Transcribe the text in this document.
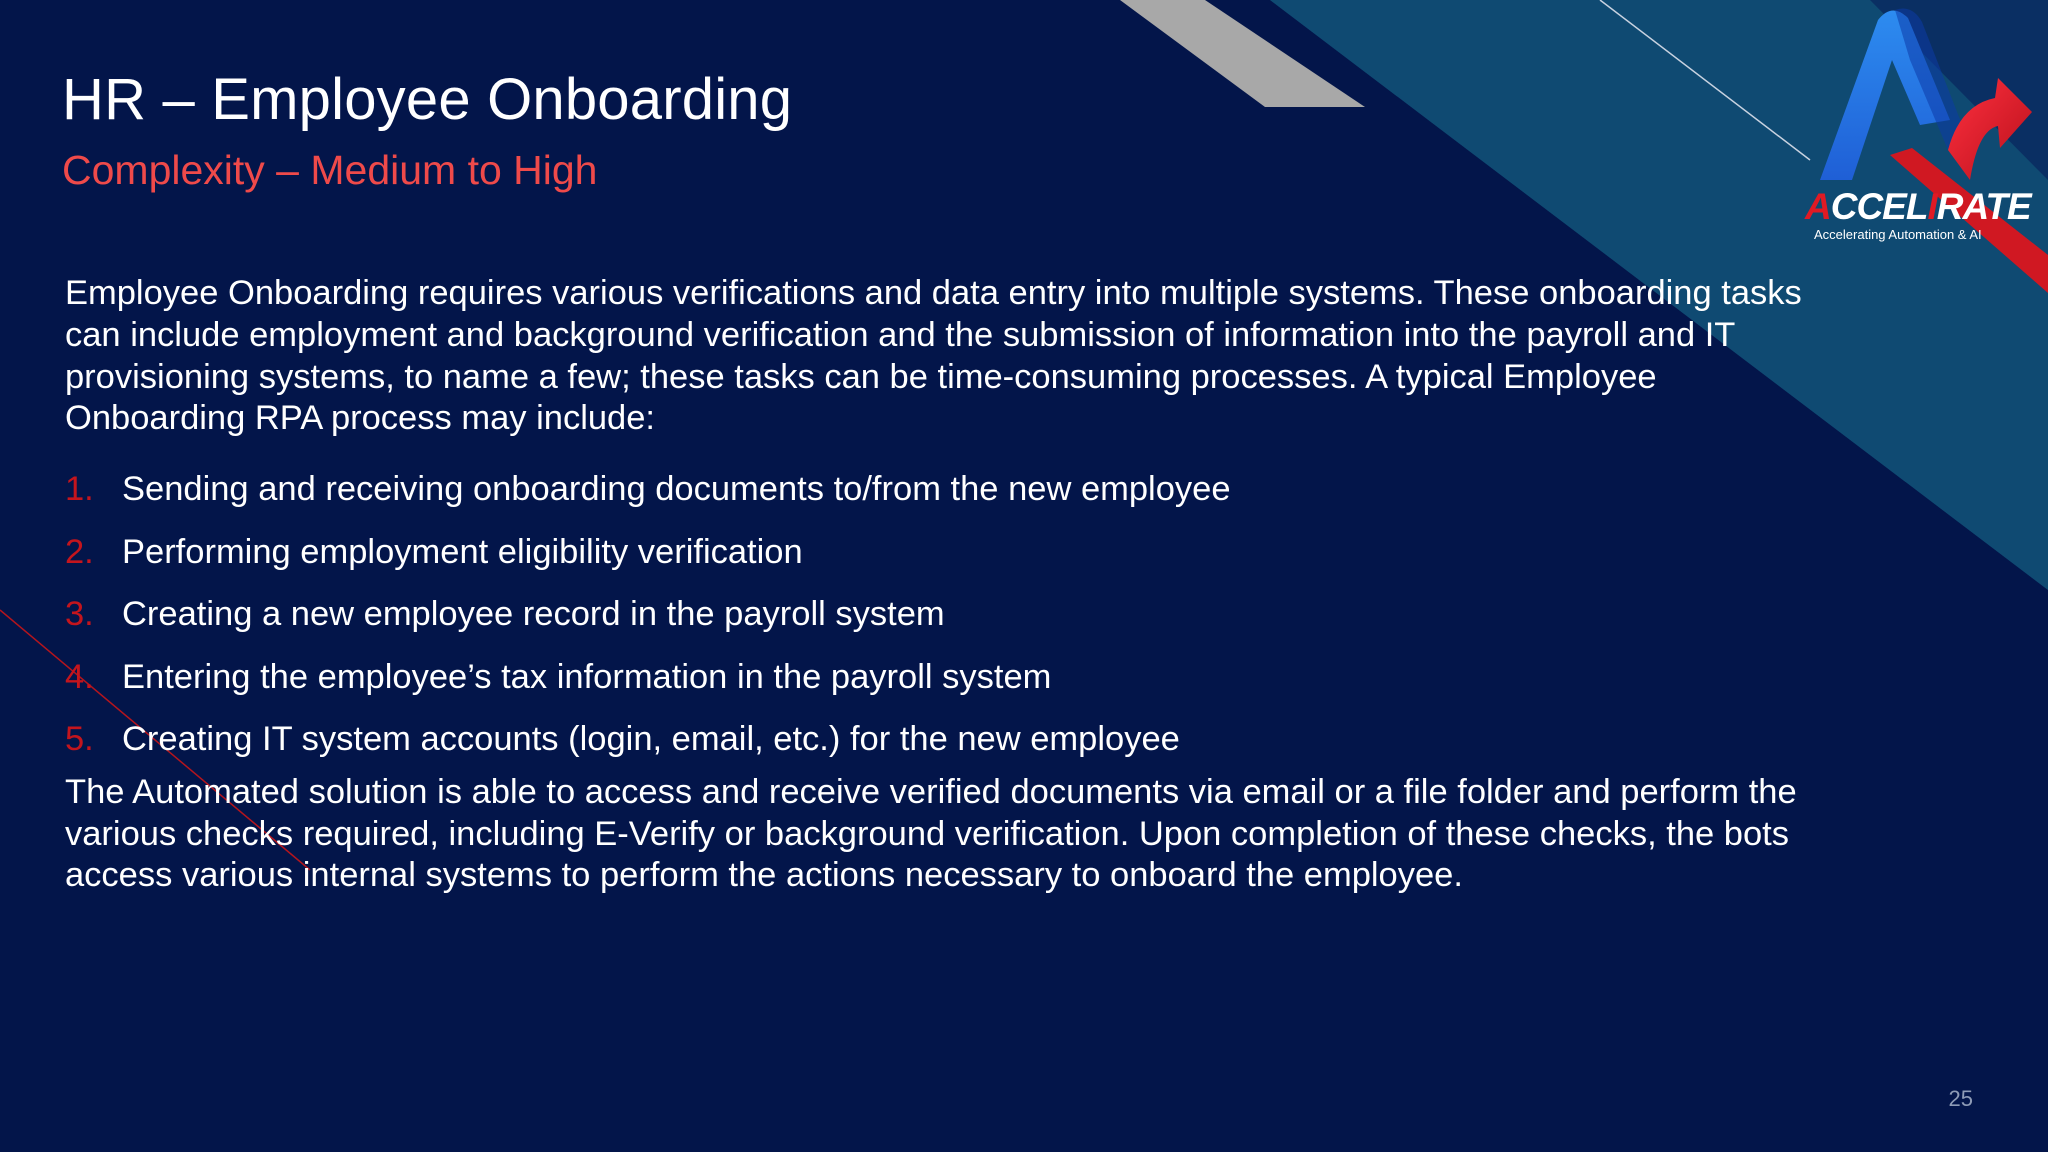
ACCELIRATE
Accelerating Automation & AI
HR – Employee Onboarding
Complexity – Medium to High
Employee Onboarding requires various verifications and data entry into multiple systems. These onboarding tasks can include employment and background verification and the submission of information into the payroll and IT provisioning systems, to name a few; these tasks can be time-consuming processes. A typical Employee Onboarding RPA process may include:
1. Sending and receiving onboarding documents to/from the new employee
2. Performing employment eligibility verification
3. Creating a new employee record in the payroll system
4. Entering the employee’s tax information in the payroll system
5. Creating IT system accounts (login, email, etc.) for the new employee
The Automated solution is able to access and receive verified documents via email or a file folder and perform the various checks required, including E-Verify or background verification. Upon completion of these checks, the bots access various internal systems to perform the actions necessary to onboard the employee.
25
